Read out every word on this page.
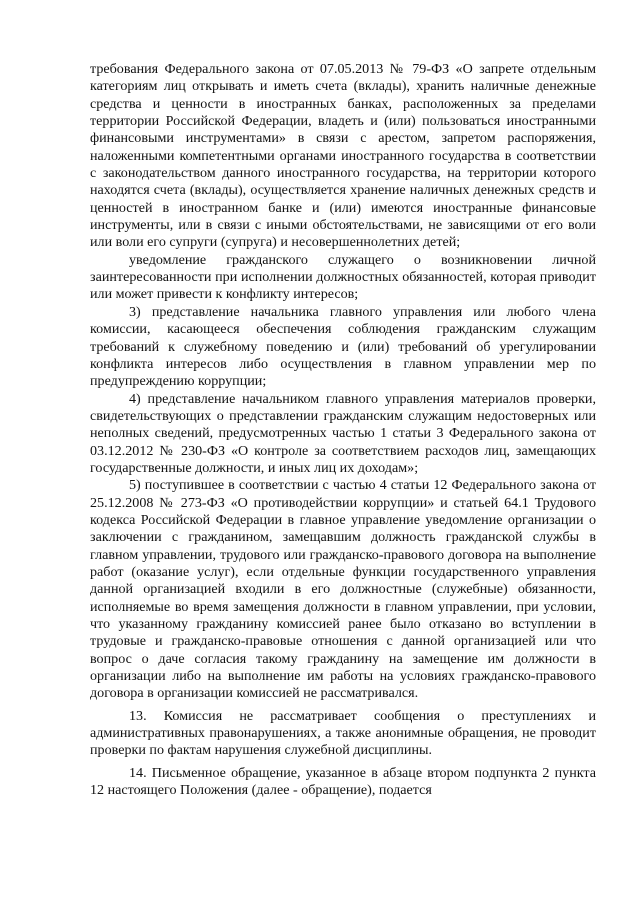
требования Федерального закона от 07.05.2013 № 79-ФЗ «О запрете отдельным категориям лиц открывать и иметь счета (вклады), хранить наличные денежные средства и ценности в иностранных банках, расположенных за пределами территории Российской Федерации, владеть и (или) пользоваться иностранными финансовыми инструментами» в связи с арестом, запретом распоряжения, наложенными компетентными органами иностранного государства в соответствии с законодательством данного иностранного государства, на территории которого находятся счета (вклады), осуществляется хранение наличных денежных средств и ценностей в иностранном банке и (или) имеются иностранные финансовые инструменты, или в связи с иными обстоятельствами, не зависящими от его воли или воли его супруги (супруга) и несовершеннолетних детей;

уведомление гражданского служащего о возникновении личной заинтересованности при исполнении должностных обязанностей, которая приводит или может привести к конфликту интересов;

3) представление начальника главного управления или любого члена комиссии, касающееся обеспечения соблюдения гражданским служащим требований к служебному поведению и (или) требований об урегулировании конфликта интересов либо осуществления в главном управлении мер по предупреждению коррупции;

4) представление начальником главного управления материалов проверки, свидетельствующих о представлении гражданским служащим недостоверных или неполных сведений, предусмотренных частью 1 статьи 3 Федерального закона от 03.12.2012 № 230-ФЗ «О контроле за соответствием расходов лиц, замещающих государственные должности, и иных лиц их доходам»;

5) поступившее в соответствии с частью 4 статьи 12 Федерального закона от 25.12.2008 № 273-ФЗ «О противодействии коррупции» и статьей 64.1 Трудового кодекса Российской Федерации в главное управление уведомление организации о заключении с гражданином, замещавшим должность гражданской службы в главном управлении, трудового или гражданско-правового договора на выполнение работ (оказание услуг), если отдельные функции государственного управления данной организацией входили в его должностные (служебные) обязанности, исполняемые во время замещения должности в главном управлении, при условии, что указанному гражданину комиссией ранее было отказано во вступлении в трудовые и гражданско-правовые отношения с данной организацией или что вопрос о даче согласия такому гражданину на замещение им должности в организации либо на выполнение им работы на условиях гражданско-правового договора в организации комиссией не рассматривался.

13. Комиссия не рассматривает сообщения о преступлениях и административных правонарушениях, а также анонимные обращения, не проводит проверки по фактам нарушения служебной дисциплины.

14. Письменное обращение, указанное в абзаце втором подпункта 2 пункта 12 настоящего Положения (далее - обращение), подается
